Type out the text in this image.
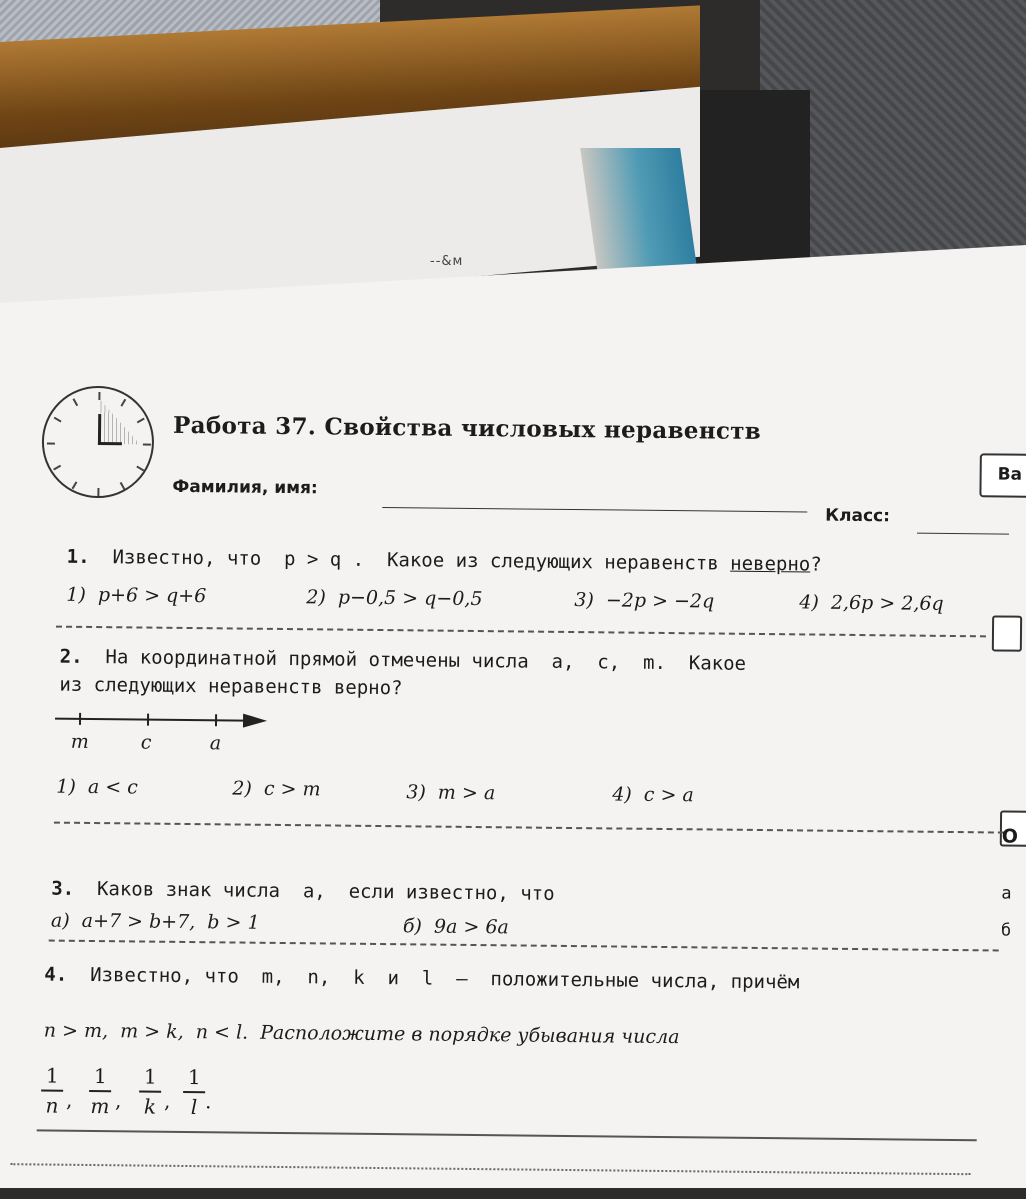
--&м
Работа 37. Свойства числовых неравенств
Ва
Фамилия, имя:
Класс:
1. Известно, что  p > q .  Какое из следующих неравенств неверно?
1)  p+6 > q+6	2)  p−0,5 > q−0,5	3)  −2p > −2q	4)  2,6p > 2,6q
2. На координатной прямой отмечены числа  a,  c,  m.  Какое
из следующих неравенств верно?
m	c	a
1)  a < c	2)  c > m	3)  m > a	4)  c > a
О
а
б
3. Каков знак числа  a,  если известно, что
а)  a+7 > b+7,  b > 1	б)  9a > 6a
4. Известно, что  m,  n,  k  и  l  —  положительные числа, причём
n > m,  m > k,  n < l.  Расположите в порядке убывания числа
1
n ,
1
m ,
1
k ,
1
l .
